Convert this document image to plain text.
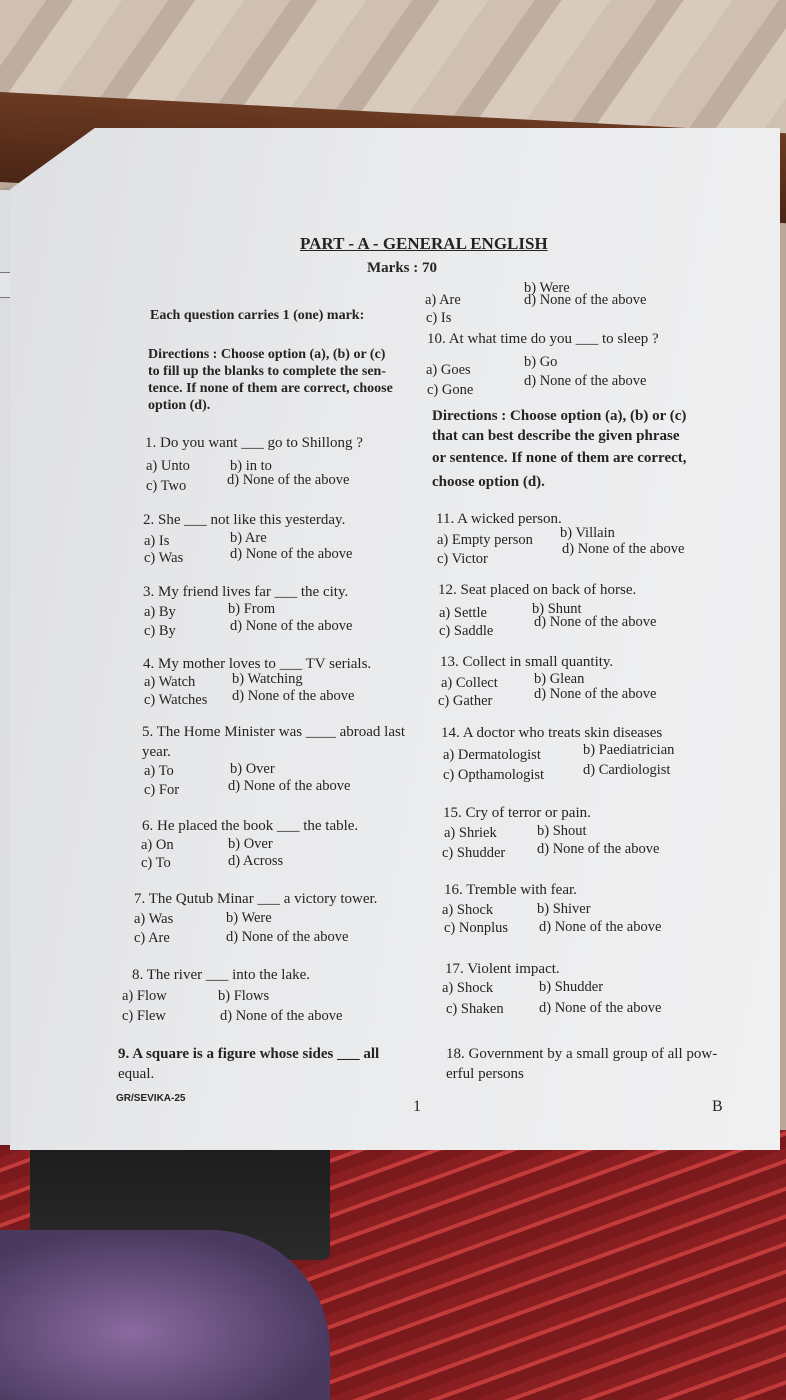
PART - A - GENERAL ENGLISH
Marks : 70
Each question carries 1 (one) mark:
Directions : Choose option (a), (b) or (c)
to fill up the blanks to complete the sen-
tence. If none of them are correct, choose
option (d).
1. Do you want ___ go to Shillong ?
a) Unto	b) in to
c) Two	d) None of the above
2. She ___ not like this yesterday.
a) Is	b) Are
c) Was	d) None of the above
3. My friend lives far ___ the city.
a) By	b) From
c) By	d) None of the above
4. My mother loves to ___ TV serials.
a) Watch	b) Watching
c) Watches d) None of the above
5. The Home Minister was ____ abroad last
year.
a) To	b) Over
c) For	d) None of the above
6. He placed the book ___ the table.
a) On	b) Over
c) To	d) Across
7. The Qutub Minar ___ a victory tower.
a) Was	b) Were
c) Are	d) None of the above
8. The river ___ into the lake.
a) Flow	b) Flows
c) Flew	d) None of the above
9. A square is a figure whose sides ___ all
equal.
GR/SEVIKA-25	1	B
a) Are
b) Were
c) Is
d) None of the above
10. At what time do you ___ to sleep ?
a) Goes	b) Go
c) Gone
d) None of the above
Directions : Choose option (a), (b) or (c)
that can best describe the given phrase
or sentence. If none of them are correct,
choose option (d).
11. A wicked person.
a) Empty person b) Villain
c) Victor
d) None of the above
12. Seat placed on back of horse.
a) Settle	b) Shunt
c) Saddle
d) None of the above
13. Collect in small quantity.
a) Collect b) Glean
c) Gather	d) None of the above
14. A doctor who treats skin diseases
a) Dermatologist	b) Paediatrician
c) Opthamologist	d) Cardiologist
15. Cry of terror or pain.
a) Shriek	b) Shout
c) Shudder d) None of the above
16. Tremble with fear.
a) Shock	b) Shiver
c) Nonplus d) None of the above
17. Violent impact.
a) Shock	b) Shudder
c) Shaken d) None of the above
18. Government by a small group of all pow-
erful persons
